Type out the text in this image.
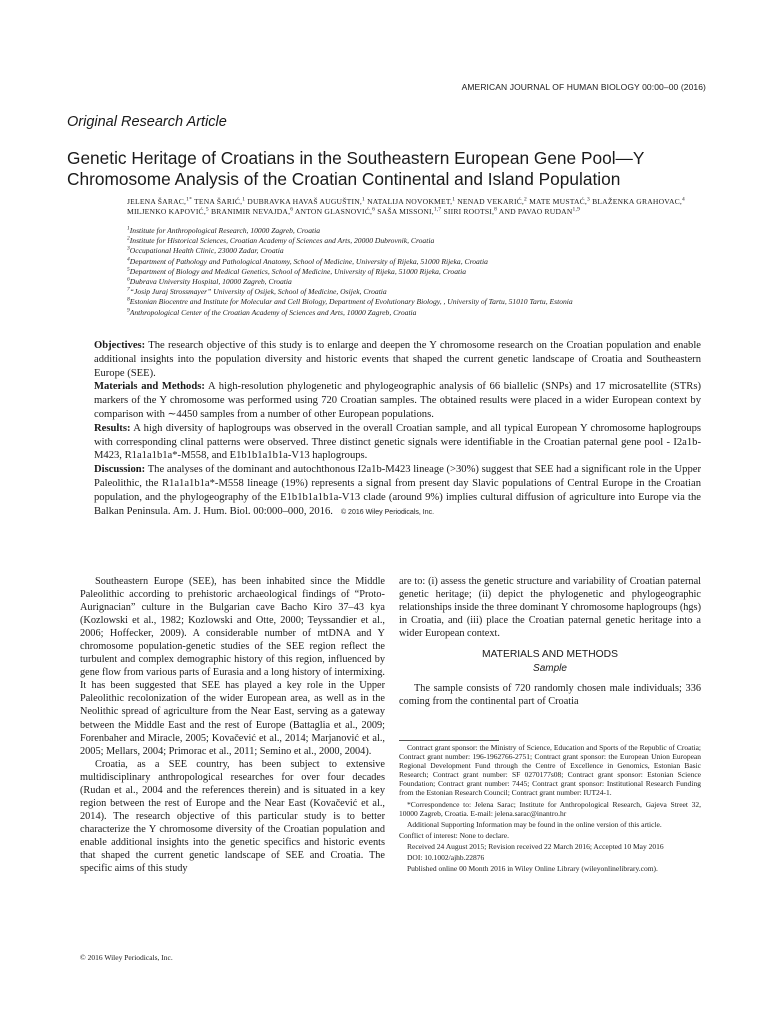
AMERICAN JOURNAL OF HUMAN BIOLOGY 00:00–00 (2016)
Original Research Article
Genetic Heritage of Croatians in the Southeastern European Gene Pool—Y Chromosome Analysis of the Croatian Continental and Island Population
JELENA ŠARAC,$^{1*}$ TENA ŠARIĆ,$^1$ DUBRAVKA HAVAŠ AUGUŠTIN,$^1$ NATALIJA NOVOKMET,$^1$ NENAD VEKARIĆ,$^2$ MATE MUSTAĆ,$^3$ BLAŽENKA GRAHOVAC,$^4$ MILJENKO KAPOVIĆ,$^5$ BRANIMIR NEVAJDA,$^6$ ANTON GLASNOVIĆ,$^6$ SAŠA MISSONI,$^{1,7}$ SIIRI ROOTSI,$^8$ AND PAVAO RUDAN$^{1,9}$
$^1$Institute for Anthropological Research, 10000 Zagreb, Croatia
$^2$Institute for Historical Sciences, Croatian Academy of Sciences and Arts, 20000 Dubrovnik, Croatia
$^3$Occupational Health Clinic, 23000 Zadar, Croatia
$^4$Department of Pathology and Pathological Anatomy, School of Medicine, University of Rijeka, 51000 Rijeka, Croatia
$^5$Department of Biology and Medical Genetics, School of Medicine, University of Rijeka, 51000 Rijeka, Croatia
$^6$Dubrava University Hospital, 10000 Zagreb, Croatia
$^7$“Josip Juraj Strossmayer” University of Osijek, School of Medicine, Osijek, Croatia
$^8$Estonian Biocentre and Institute for Molecular and Cell Biology, Department of Evolutionary Biology, , University of Tartu, 51010 Tartu, Estonia
$^9$Anthropological Center of the Croatian Academy of Sciences and Arts, 10000 Zagreb, Croatia

Objectives: The research objective of this study is to enlarge and deepen the Y chromosome research on the Croatian population and enable additional insights into the population diversity and historic events that shaped the current genetic landscape of Croatia and Southeastern Europe (SEE).

Materials and Methods: A high-resolution phylogenetic and phylogeographic analysis of 66 biallelic (SNPs) and 17 microsatellite (STRs) markers of the Y chromosome was performed using 720 Croatian samples. The obtained results were placed in a wider European context by comparison with ∼4450 samples from a number of other European populations.

Results: A high diversity of haplogroups was observed in the overall Croatian sample, and all typical European Y chromosome haplogroups with corresponding clinal patterns were observed. Three distinct genetic signals were identifiable in the Croatian paternal gene pool - I2a1b-M423, R1a1a1b1a*-M558, and E1b1b1a1b1a-V13 haplogroups.

Discussion: The analyses of the dominant and autochthonous I2a1b-M423 lineage (>30%) suggest that SEE had a significant role in the Upper Paleolithic, the R1a1a1b1a*-M558 lineage (19%) represents a signal from present day Slavic populations of Central Europe in the Croatian population, and the phylogeography of the E1b1b1a1b1a-V13 clade (around 9%) implies cultural diffusion of agriculture into Europe via the Balkan Peninsula. Am. J. Hum. Biol. 00:000–000, 2016. © 2016 Wiley Periodicals, Inc.

Southeastern Europe (SEE), has been inhabited since the Middle Paleolithic according to prehistoric archaeological findings of “Proto-Aurignacian” culture in the Bulgarian cave Bacho Kiro 37–43 kya (Kozlowski et al., 1982; Kozlowski and Otte, 2000; Teyssandier et al., 2006; Hoffecker, 2009). A considerable number of mtDNA and Y chromosome population-genetic studies of the SEE region reflect the turbulent and complex demographic history of this region, influenced by gene flow from various parts of Eurasia and a long history of intermixing. It has been suggested that SEE has played a key role in the Upper Paleolithic recolonization of the wider European area, as well as in the Neolithic spread of agriculture from the Near East, serving as a gateway between the Middle East and the rest of Europe (Battaglia et al., 2009; Forenbaher and Miracle, 2005; Kovačević et al., 2014; Marjanović et al., 2005; Mellars, 2004; Primorac et al., 2011; Semino et al., 2000, 2004).

Croatia, as a SEE country, has been subject to extensive multidisciplinary anthropological researches for over four decades (Rudan et al., 2004 and the references therein) and is situated in a key region between the rest of Europe and the Near East (Kovačević et al., 2014). The research objective of this particular study is to better characterize the Y chromosome diversity of the Croatian population and enable additional insights into the genetic specifics and historic events that shaped the current genetic landscape of SEE and Croatia. The specific aims of this study

are to: (i) assess the genetic structure and variability of Croatian paternal genetic heritage; (ii) depict the phylogenetic and phylogeographic relationships inside the three dominant Y chromosome haplogroups (hgs) in Croatia, and (iii) place the Croatian paternal genetic heritage into a wider European context.

MATERIALS AND METHODS
Sample

The sample consists of 720 randomly chosen male individuals; 336 coming from the continental part of Croatia

Contract grant sponsor: the Ministry of Science, Education and Sports of the Republic of Croatia; Contract grant number: 196-1962766-2751; Contract grant sponsor: the European Union European Regional Development Fund through the Centre of Excellence in Genomics, Estonian Basic Research; Contract grant number: SF 0270177s08; Contract grant sponsor: Estonian Science Foundation; Contract grant number: 7445; Contract grant sponsor: Institutional Research Funding from the Estonian Research Council; Contract grant number: IUT24-1.

*Correspondence to: Jelena Sarac; Institute for Anthropological Research, Gajeva Street 32, 10000 Zagreb, Croatia. E-mail: jelena.sarac@inantro.hr

Additional Supporting Information may be found in the online version of this article.

Conflict of interest: None to declare.

Received 24 August 2015; Revision received 22 March 2016; Accepted 10 May 2016

DOI: 10.1002/ajhb.22876

Published online 00 Month 2016 in Wiley Online Library (wileyonlinelibrary.com).

© 2016 Wiley Periodicals, Inc.
